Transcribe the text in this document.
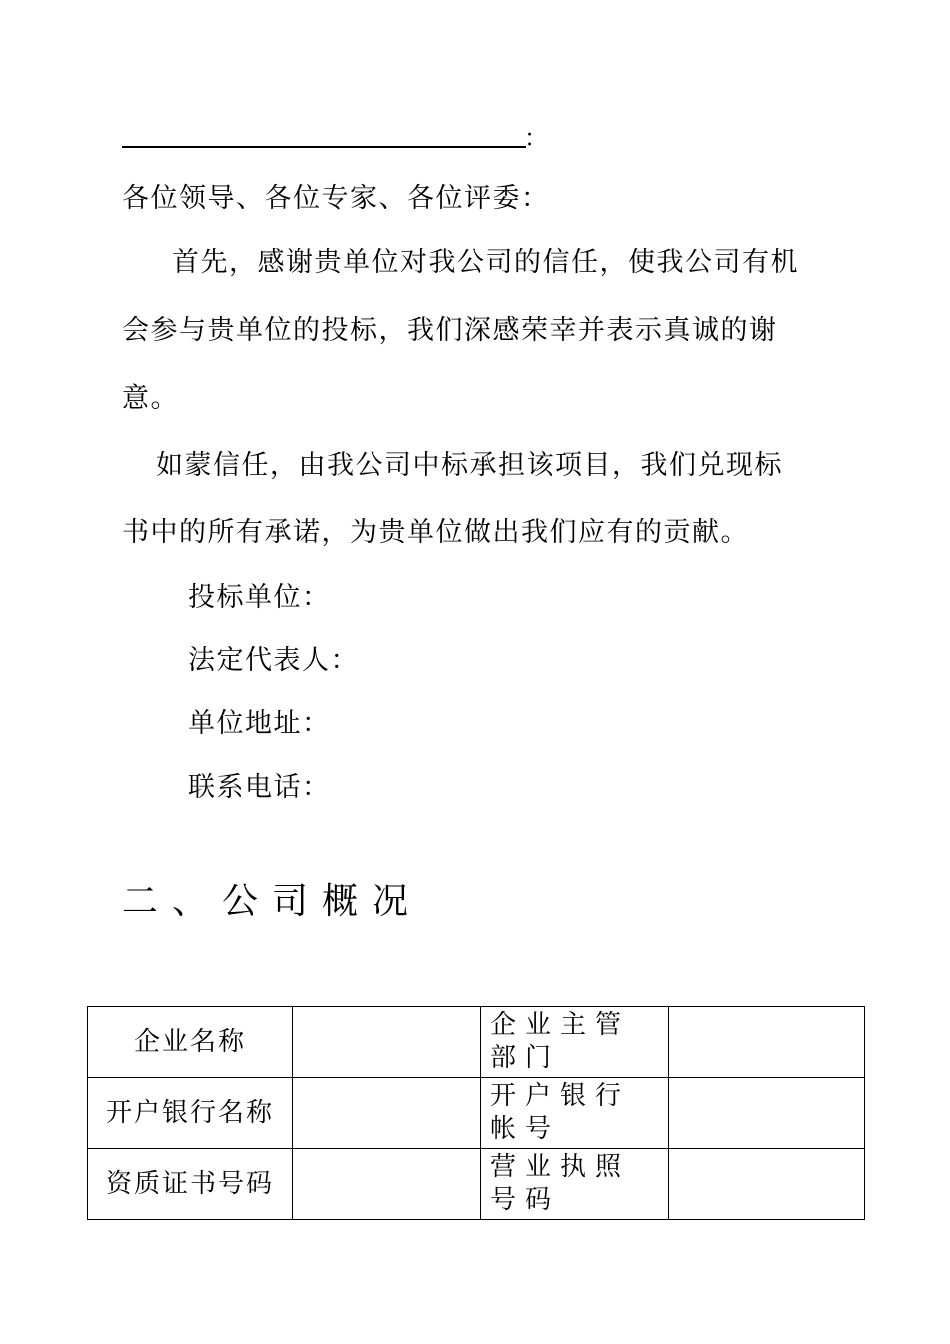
：
各位领导、各位专家、各位评委：
首先，感谢贵单位对我公司的信任，使我公司有机
会参与贵单位的投标，我们深感荣幸并表示真诚的谢
意。
如蒙信任，由我公司中标承担该项目，我们兑现标
书中的所有承诺，为贵单位做出我们应有的贡献。
投标单位：
法定代表人：
单位地址：
联系电话：
二、公司概况
企业名称		企业主管部门	
开户银行名称		开户银行帐号	
资质证书号码		营业执照号码	
